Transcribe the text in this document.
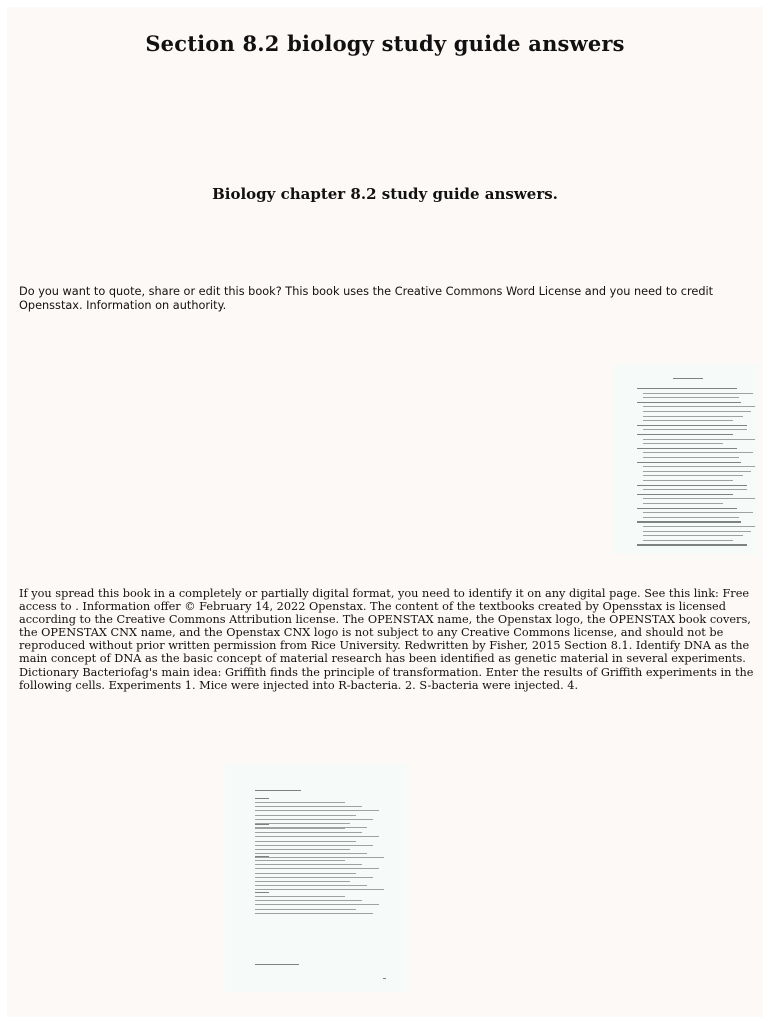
Section 8.2 biology study guide answers
Biology chapter 8.2 study guide answers.
Do you want to quote, share or edit this book? This book uses the Creative Commons Word License and you need to credit Opensstax. Information on authority.
If you spread this book in a completely or partially digital format, you need to identify it on any digital page. See this link: Free access to . Information offer © February 14, 2022 Openstax. The content of the textbooks created by Opensstax is licensed according to the Creative Commons Attribution license. The OPENSTAX name, the Openstax logo, the OPENSTAX book covers, the OPENSTAX CNX name, and the Openstax CNX logo is not subject to any Creative Commons license, and should not be reproduced without prior written permission from Rice University. Redwritten by Fisher, 2015 Section 8.1. Identify DNA as the main concept of DNA as the basic concept of material research has been identified as genetic material in several experiments. Dictionary Bacteriofag's main idea: Griffith finds the principle of transformation. Enter the results of Griffith experiments in the following cells. Experiments 1. Mice were injected into R-bacteria. 2. S-bacteria were injected. 4.
